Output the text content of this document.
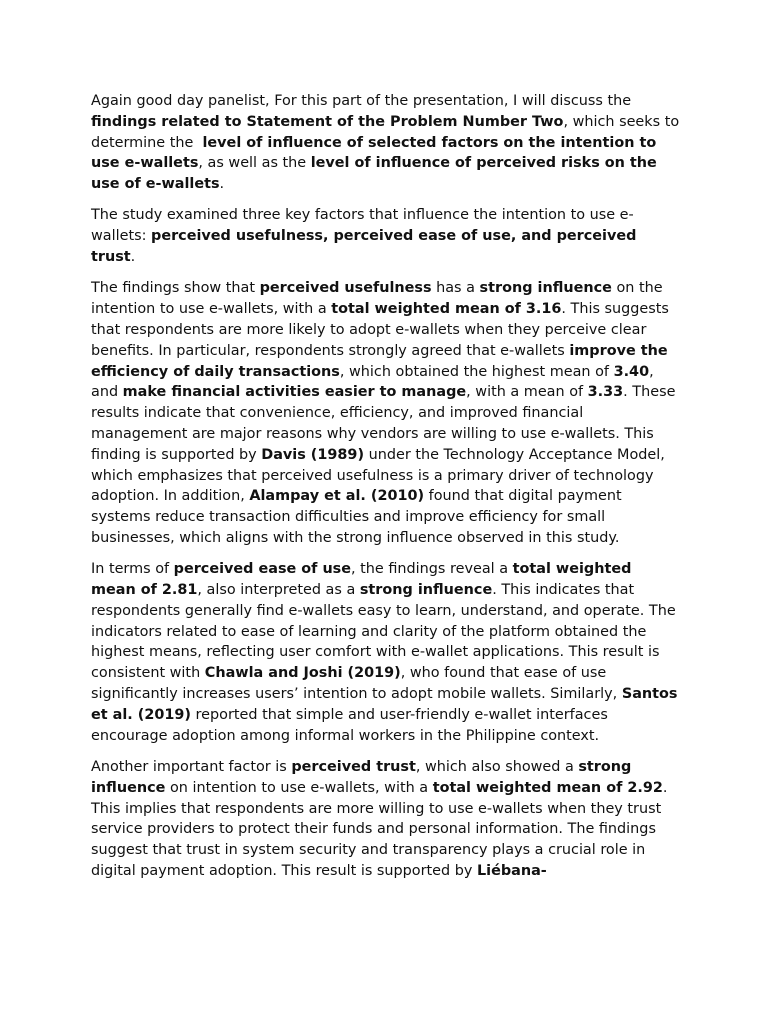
Again good day panelist, For this part of the presentation, I will discuss the findings related to Statement of the Problem Number Two, which seeks to determine the  level of influence of selected factors on the intention to use e-wallets, as well as the level of influence of perceived risks on the use of e-wallets.

The study examined three key factors that influence the intention to use e-wallets: perceived usefulness, perceived ease of use, and perceived trust.

The findings show that perceived usefulness has a strong influence on the intention to use e-wallets, with a total weighted mean of 3.16. This suggests that respondents are more likely to adopt e-wallets when they perceive clear benefits. In particular, respondents strongly agreed that e-wallets improve the efficiency of daily transactions, which obtained the highest mean of 3.40, and make financial activities easier to manage, with a mean of 3.33. These results indicate that convenience, efficiency, and improved financial management are major reasons why vendors are willing to use e-wallets. This finding is supported by Davis (1989) under the Technology Acceptance Model, which emphasizes that perceived usefulness is a primary driver of technology adoption. In addition, Alampay et al. (2010) found that digital payment systems reduce transaction difficulties and improve efficiency for small businesses, which aligns with the strong influence observed in this study.

In terms of perceived ease of use, the findings reveal a total weighted mean of 2.81, also interpreted as a strong influence. This indicates that respondents generally find e-wallets easy to learn, understand, and operate. The indicators related to ease of learning and clarity of the platform obtained the highest means, reflecting user comfort with e-wallet applications. This result is consistent with Chawla and Joshi (2019), who found that ease of use significantly increases users’ intention to adopt mobile wallets. Similarly, Santos et al. (2019) reported that simple and user-friendly e-wallet interfaces encourage adoption among informal workers in the Philippine context.

Another important factor is perceived trust, which also showed a strong influence on intention to use e-wallets, with a total weighted mean of 2.92. This implies that respondents are more willing to use e-wallets when they trust service providers to protect their funds and personal information. The findings suggest that trust in system security and transparency plays a crucial role in digital payment adoption. This result is supported by Liébana-
